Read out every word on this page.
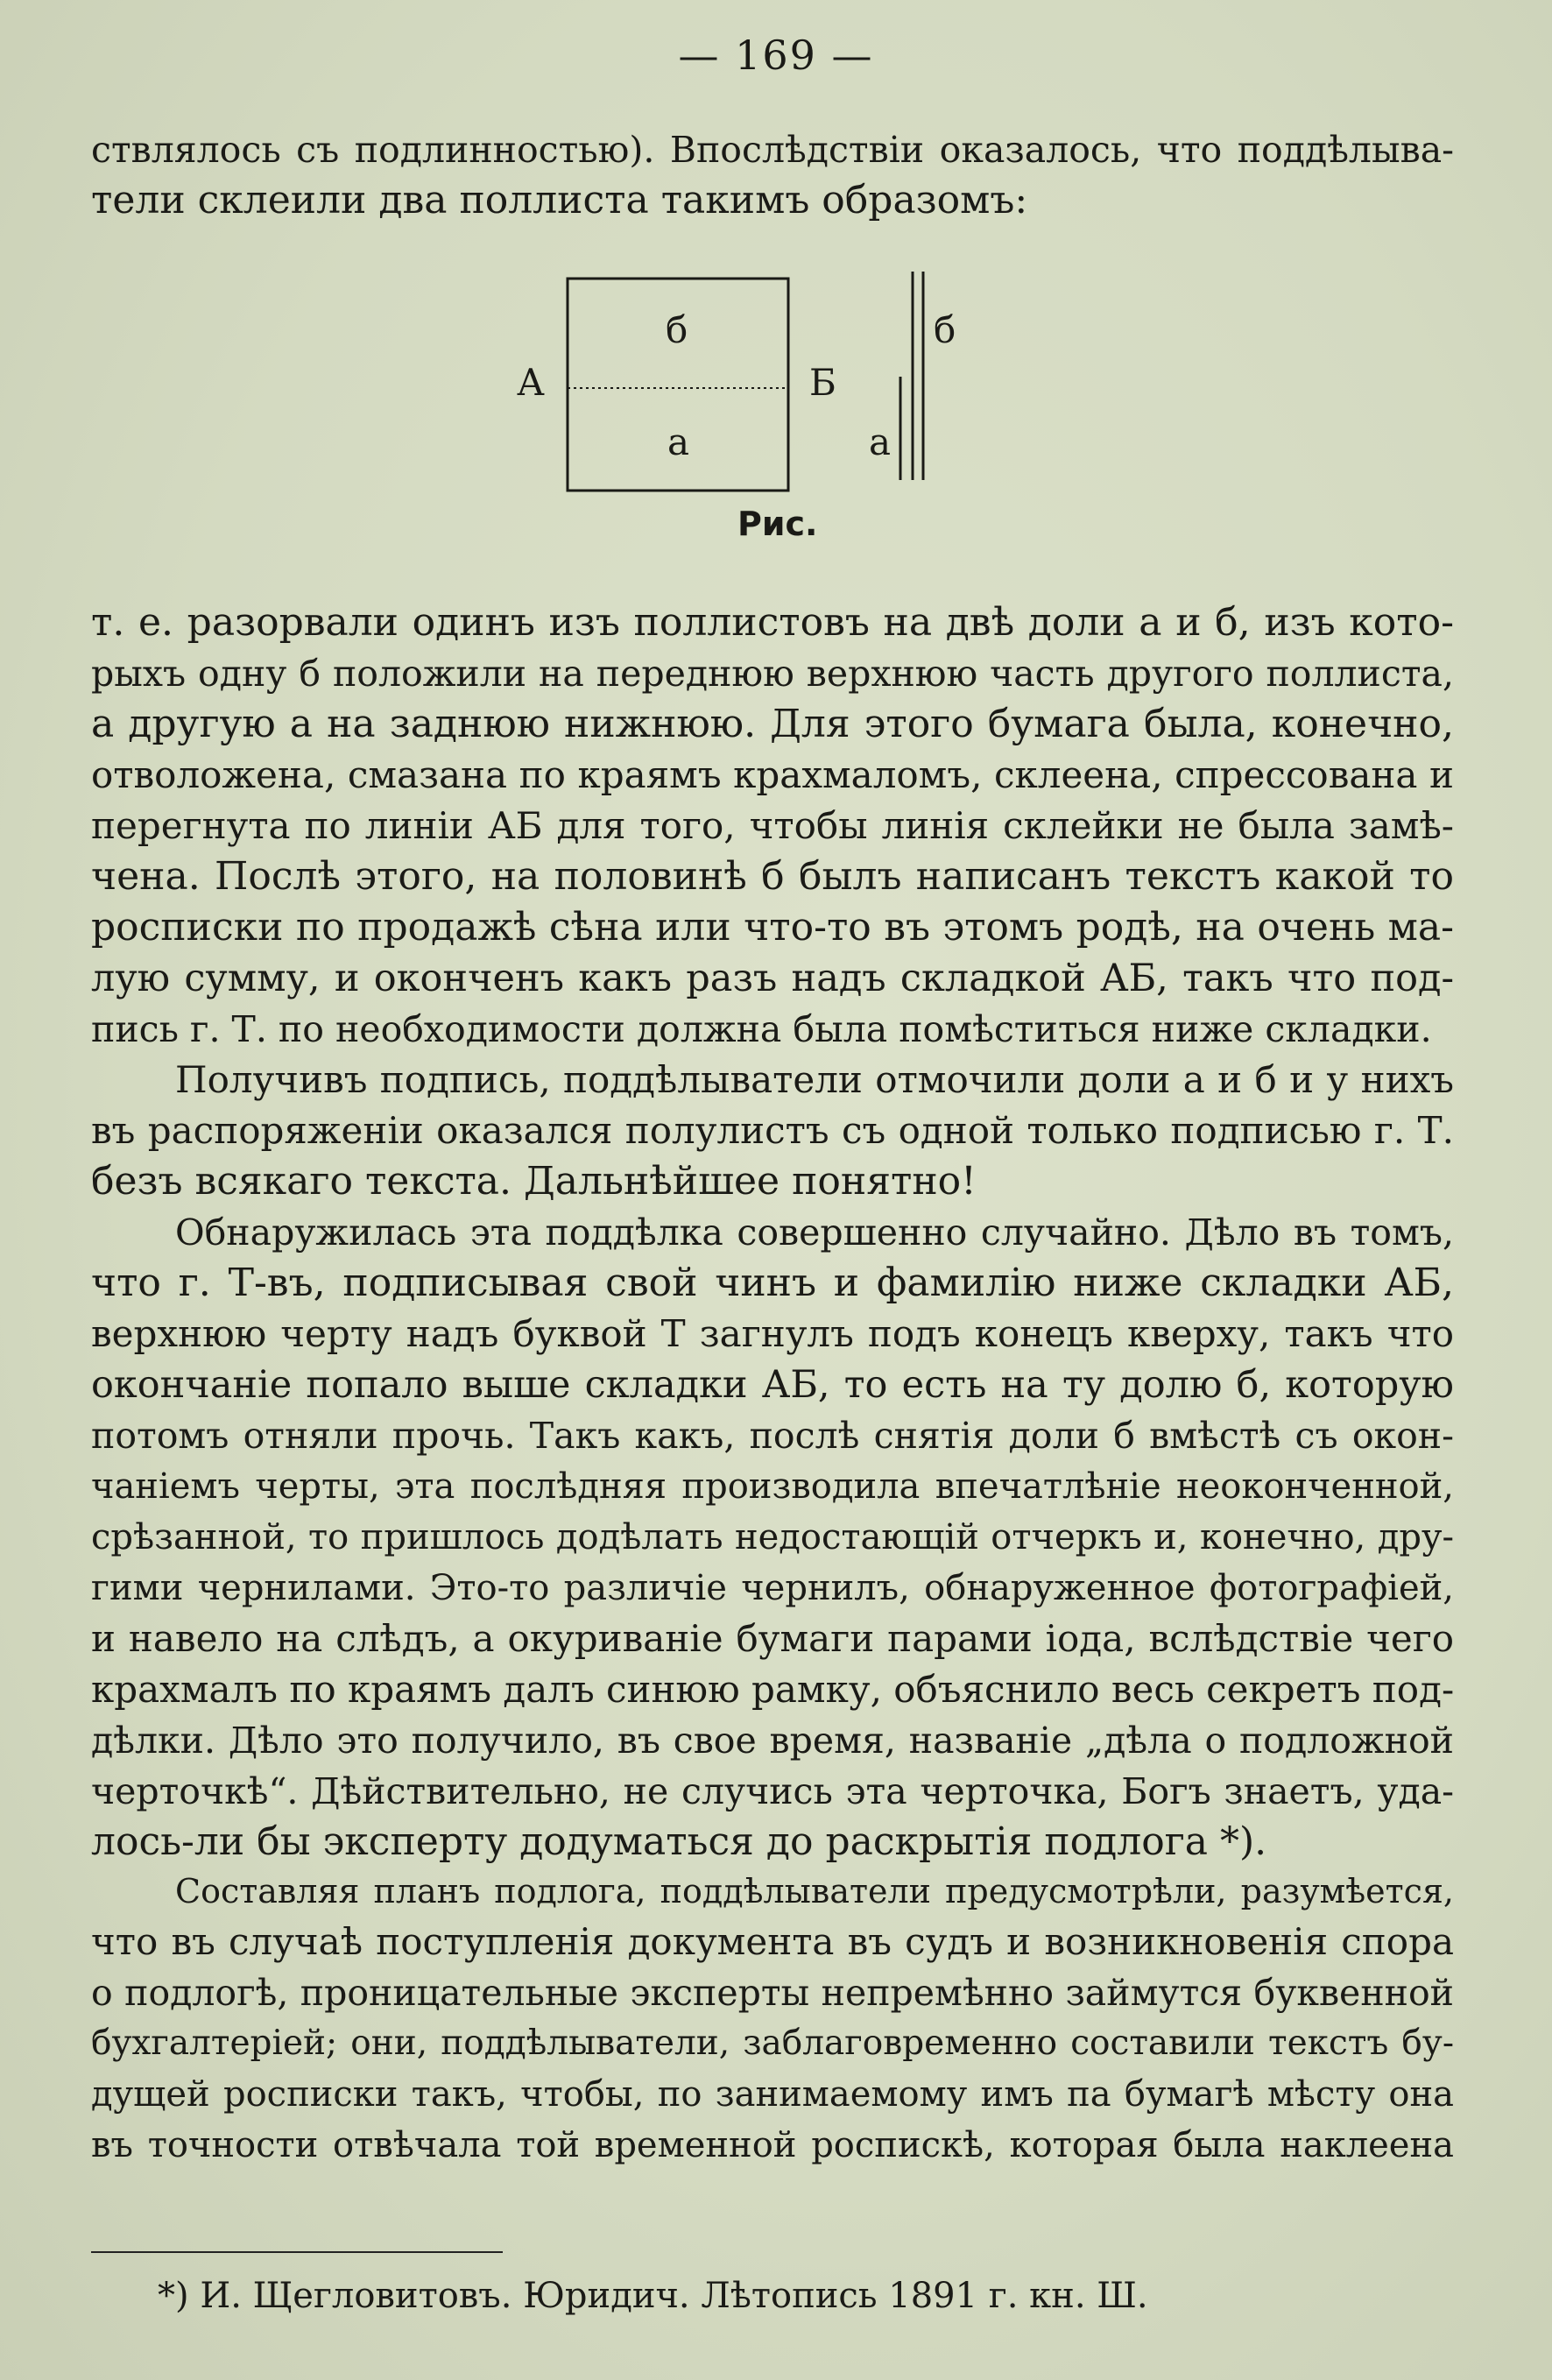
— 169 —
ствлялось съ подлинностью). Впослѣдствіи оказалось, что поддѣлыва-
тели склеили два поллиста такимъ образомъ:
б
а
А	Б
б
а
Рис.
т. е. разорвали одинъ изъ поллистовъ на двѣ доли а и б, изъ кото-
рыхъ одну б положили на переднюю верхнюю часть другого поллиста,
а другую а на заднюю нижнюю. Для этого бумага была, конечно,
отволожена, смазана по краямъ крахмаломъ, склеена, спрессована и
перегнута по линіи АБ для того, чтобы линія склейки не была замѣ-
чена. Послѣ этого, на половинѣ б былъ написанъ текстъ какой то
росписки по продажѣ сѣна или что-то въ этомъ родѣ, на очень ма-
лую сумму, и оконченъ какъ разъ надъ складкой АБ, такъ что под-
пись г. Т. по необходимости должна была помѣститься ниже складки.
Получивъ подпись, поддѣлыватели отмочили доли а и б и у нихъ
въ распоряженіи оказался полулистъ съ одной только подписью г. Т.
безъ всякаго текста. Дальнѣйшее понятно!
Обнаружилась эта поддѣлка совершенно случайно. Дѣло въ томъ,
что г. Т-въ, подписывая свой чинъ и фамилію ниже складки АБ,
верхнюю черту надъ буквой Т загнулъ подъ конецъ кверху, такъ что
окончаніе попало выше складки АБ, то есть на ту долю б, которую
потомъ отняли прочь. Такъ какъ, послѣ снятія доли б вмѣстѣ съ окон-
чаніемъ черты, эта послѣдняя производила впечатлѣніе неоконченной,
срѣзанной, то пришлось додѣлать недостающій отчеркъ и, конечно, дру-
гими чернилами. Это-то различіе чернилъ, обнаруженное фотографіей,
и навело на слѣдъ, а окуриваніе бумаги парами іода, вслѣдствіе чего
крахмалъ по краямъ далъ синюю рамку, объяснило весь секретъ под-
дѣлки. Дѣло это получило, въ свое время, названіе „дѣла о подложной
черточкѣ“. Дѣйствительно, не случись эта черточка, Богъ знаетъ, уда-
лось-ли бы эксперту додуматься до раскрытія подлога *).
Составляя планъ подлога, поддѣлыватели предусмотрѣли, разумѣется,
что въ случаѣ поступленія документа въ судъ и возникновенія спора
о подлогѣ, проницательные эксперты непремѣнно займутся буквенной
бухгалтеріей; они, поддѣлыватели, заблаговременно составили текстъ бу-
дущей росписки такъ, чтобы, по занимаемому имъ па бумагѣ мѣсту она
въ точности отвѣчала той временной роспискѣ, которая была наклеена
*) И. Щегловитовъ. Юридич. Лѣтопись 1891 г. кн. Ш.
